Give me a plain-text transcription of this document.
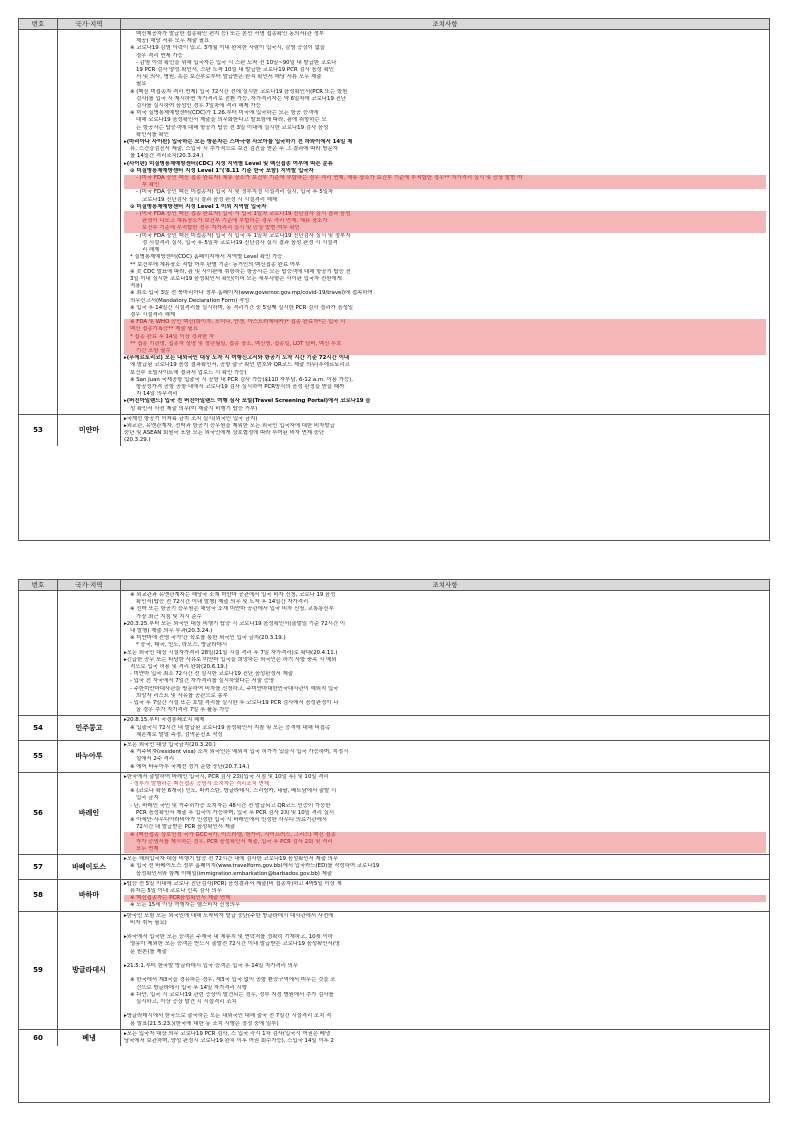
번호	국가·지역	조치사항
백신제공자가 발급한 접종확인 편지 등) 또는 본인 서명 접종확인 동의서(관 정부
제공) 해당 서류 모두 제출 필요
※ 코로나19 감염 이력이 있고, 3개월 이내 완치한 사람이 입국시, 감염 증상이 없을
경우 격리 면제 가능
- 감염 이력 확인을 위해 입국자는 입국 시 스판 도착 전 10일~90일 내 발급한 코로나
19 PCR 검사 양성 확인서, 스판 도착 10일 내 발급한 코로나19 PCR 검사 음성 확인
서 및 의사, 병원, 혹은 보건부로부터 발급받은 완치 확인서 해당 서류 모두 제출
필요
※ (백신 미접종자 격리 면제) 입국 72시간 전에 실시한 코로나19 음성확인서(PCR 또는 항원
검사)를 입국 시 제시하면 자가격리로 전환 가능, 자가격리자는 약 6일차에 코로나19 진단
검사를 실시하여 음성인 경우 7일차에 격리 해제 가능
※ 미국 질병통제예방센터(CDC)가 1.26.부터 미국에 입국하는 모든 항공 승객에
대해 코로나19 음성확인서 제출을 의무화한다고 발표함에 따라, 괌에 취항하는 모
든 항공사는 탑승객에 대해 항공기 탑승 전 3일 이내에 실시한 코로나19 검사 음성
확인서를 확인
▸(마리아나 사이판) 입국하는 모든 방문자는 스마극령 사모아를 입국하기 전 하와이에서 14일 체
류, 스건강검진서 제출, 스입국 시 추가적으로 보건 검진을 받은 후 그 결과에 따라 방문자
를 14일간 격리조치(20.3.24.)
▸(사이판) 미질병통제예방센터(CDC) 지정 지역별 Level 및 백신접종 여부에 따른 분류
⊙ 미질병통제예방센터 지정 Level 1"('8.11 기준 한국 포함) 지역발 입국자
- (미국 FDA 승인 백신 접종 완료자) 체류 장소가 보건부 기준에 부합하는 경우 격리 면제, 체류 장소가 보건부 기준에 부적합한 경우** 자가격리 실시 및 증상 발현 여
부 확인
- (미국 FDA 승인 백신 미접종자) 입국 시 및 정부지정 시설격리 실시, 입국 후 5일차
코로나19 진단검사 실시 결과 음성 판정 시 시설격리 해제
⊙ 미질병통제예방센터 지정 Level 1 이외 지역발 입국자
- (미국 FDA 승인 백신 접종 완료자) 입국 시 입국 1일차 코로나19 진단검사 실시 결과 음성
판정이 나오고 체류장소가 보건부 기준에 부합하는 경우 격리 면제, 체류 장소가
보건부 기준에 부적합한 경우 자가격리 실시 및 증상 발현 여부 확인
- (미국 FDA 승인 백신 미접종자) 입국 시 입국 후 1일차 코로나19 진단검사 실시 및 정부지
정 시설격리 실시, 입국 후 5일차 코로나19 진단검사 실시 결과 음성 판정 시 시설격
리 해제
* 질병통제예방센터(CDC) 홈페이지에서 지역별 Level 확인 가능
** 보건부에 체류장소 적합 여부 판별 기준: 동거인의 백신접종 완료 여부
※ 美 CDC 발표에 따라, 괌 및 사이판에 취항하는 항공사는 모든 탑승객에 대해 항공기 탑승 전
3일 이내 실시한 코로나19 음성확인서 확인(이어 모든 세부사항은 사이판 입국자 전원에게
적용)
※ 최소 입국 3일 전 북마리아나 정부 홈페이지(www.governor.gov.mp/covid-19/travel)에 접속하여
의무신고서(Mandatory Declaration Form) 작성
※ 입국 후 14일간 시설격리를 실시하며, 동 격리기간 중 5일째 실시한 PCR 검사 결과가 음성일
경우 시설격리 해제
※ FDA 및 WHO 승인 백신(화이자, 모더나, 얀센, 아스트라제네카)* 접종 완료자*는 입국 시
백신 접종기록증** 제출 필요
* 접종 완료 후 14일 이상 경과한 자
** 접종 기관명, 접종자 성명 및 생년월일, 접종 장소, 백신명, 접종일, LOT 넘버, 백신 투호
기간 포함 필수
▸(푸에르토리코) 모든 내외국인 대상 도착 시 여행신고서와 항공기 도착 시간 기준 72시간 이내
에 발급된 코로나19 음성 결과확인서, 공항 출구 확인 번호와 QR코드 제출 의무(푸에르토리코
보건부 포털사이트에 결과서 업로드 시 확인 가능)
※ San Juan 국제공항 입출국 시 공항 내 PCR 검사 가능($110 자부담, 6-12 a.m. 이용 가능),
항공성가격 공항 공항 내에서 코로나19 검사 실시하여 PCR방식의 음성 판정을 받을 때까
지 14일 의무격리
▸(버진아일랜드) 입국 전 버진아일랜드 여행 심사 포털(Travel Screening Portal)에서 코로나19 음
성 확인서 사전 제출 의무(미 제출시 비행기 탑승 거부)
53	미얀마
▸국제선 항공기 이착륙 금지 조치 실시(외국인 입국 금지)
▸외교관, 유엔관계자, 선박과 항공기 승무원을 제외한 모든 외국인 입국자에 대한 비자발급
중단 및 ASEAN 회원국 포함 모든 외국인에게 상호협정에 따라 부여된 비자 면제 중단
(20.3.29.)
번호	국가·지역	조치사항
※ 외교관과 유엔관계자는 해당국 소재 미얀마 공관에서 입국 비자 신청, 코로나 19 음성
확인서(탑승 전 72시간 이내 발행) 제출 의무 및 도착 후 14일간 자가격리
※ 선박 또는 항공기 승무원은 해당국 소재 미얀마 공관에서 입국 비자 신청, 교통통신부
가장 최근 지침 및 지시 준수
▸20.3.25.부터 모든 외국인 대상 비행기 탑승 시 코로나19 음성확인서(출발일 기준 72시간 이
내 발행) 제출 의무 부과(20.3.24.)
※ 미얀마에 전염 국가'간 육로를 통한 외국인 입국 금지(20.3.19.)
* 중국, 태국, 인도, 라오스, 방글라데시
▸모든 외국인 대상 시설자가격리 28일(21일 시설 격리 후 7일 자가격리)로 확대(20.4.11.)
▸긴급한 공무 또는 타당한 사유로 미얀마 입국을 희망하는 외국인은 하기 사항 충족 시 예외
적으로 입국 허용 및 격리 완화(20.6.19.)
- 미얀마 입국 최소 72시간 전 실시한 코로나19 진단 음성판정서 제출
- 입국 전 자국에서 7일간 자가격리를 실시하였다는 서술 증명
- 주한미얀마대사관을 방문하여 비자를 신청하고, 주미얀마대한민국대사관이 예외적 입국
희망자 리스트 및 사유를 공관으로 송부
- 입국 후 7일간 시설 또는 호텔 격리를 실시한 후 코로나19 PCR 검사에서 음성판정이 나
올 경우 추가 자가격리 7일 후 활동 가능
54	민주콩고
▸20.8.15.부터 국경봉쇄조치 해제
※ 입출국시 72시간 내 발급된 코로나19 음성확인서 지참 및 모든 승객에 대해 비접촉
체온계로 발열 측정, 검역문진표 작성
55	바누아투
▸모든 외국인 대상 입국금지(20.3.20.)
※ 거주비자(resident visa) 소지 외국인은 예외적 입국 허가가 있을시 입국 가능하며, 지정시
설에서 2주 격리
※ 에어 바누아투 국제선 정기 운항 중단(20.7.14.)
56	바레인
▸한국에서 출발하여 바레인 입국시, PCR 검사 2회(입국 시점 및 10일 후) 및 10일 격리
- 정부가 발행하는 백신접종 증명서 소지자는 격리조치 면제
※ (코로나 확산 6개국) 인도, 파키스탄, 방글라데시, 스리랑카, 네팔, 베트남에서 출발 시
입국 금지
- 단, 바레인 국민 및 거주허가증 소지자는 48시간 전 발급되고 QR코드 인증이 가능한
PCR 음성확인서 제출 후 입국이 가능하며, 입국 후 PCR 검사 2회 및 10일 격리 실시
※ 아세안·사우디아라비아가 인정한 입국 시 바레인에서 인정한 사우디 의료기관에서
72시간 내 발급받은 PCR 음성확인서 제출
※ (백신접종 상호인정 국가 GCC국가, 이스라엘, 헝가리, 사이프러스, 그리스) 백신 접종
자가 증명서를 제시하는 경우, PCR 음성확인서 제출, 입국 후 PCR 검사 2회 및 격리
모두 면제
57	바베이도스
▸모든 해외입국자 대상 비행기 탑승 전 72시간 내에 검사한 코로나19 음성확인서 제출 의무
※ 입국 전 바베이도스 정부 홈페이지(www.travelform.gov.bb)에서 입국카드(ED)를 작성하여 코로나19
음성확인서와 함께 이메일(immigration.embarkation@barbados.gov.bb) 제출
58	바하마
▸탑승 전 5일 이내에 코로나 진단검사(PCR) 음성결과서 제출(비 접종자)하고 4박5일 이상 체
류자는 5일 이내 코로나 신속 검사 의무
※ 백신접종자는 PCR음성확인서 제출 면제
※ 모든 15세 이상 여행자는 헬스비자 신청의무
59	방글라데시
▸한국인 포함 모든 외국인에 대해 도착비자 발급 중단(주한 방글라데시 대사관에서 사전에
비자 취득 필요)

▸외국에서 입국한 모든 승객은 주재국 내 체류지 및 연락처를 정확히 기재하고, 10세 이하
영유아 제외한 모든 승객은 반드시 출발전 72시간 이내 발급받은 코로나19 음성확인서(영
문 원본)를 제출

▸21.5.1.부터 한국발 방글라데시 입국 승객은 입국 후 14일 자가격리 의무

※ 한국에서 제3국을 경유하는 경우, 제3국 입국 없이 공항 환승구역에서 머무는 것을 조
건으로 방글라데시 입국 후 14일 자가격리 시행
※ 다만, 입국 시 코로나19 관련 증상이 발견되는 경우, 정부 지정 병원에서 추가 검사를
실시하고, 이상 증상 발견 시 시설격리 조치

▸방글라데시에서 한국으로 출국하는 모든 내외국인 대해 출국 전 7일간 시설격리 조치 적
용 발표(21.5.23.)(한국에 대한 동 조치 시행은 정정 중에 일부)
60	베냉
▸모든 입국자 대상 의무 코로나19 PCR 검사, 스 입국 즉시 1차 검사(입국시 여권은 베냉
당국에서 보관하며, 양성 판정시 코로나19 완치 이후 여권 회수가능), 스입국 14일 이후 2
